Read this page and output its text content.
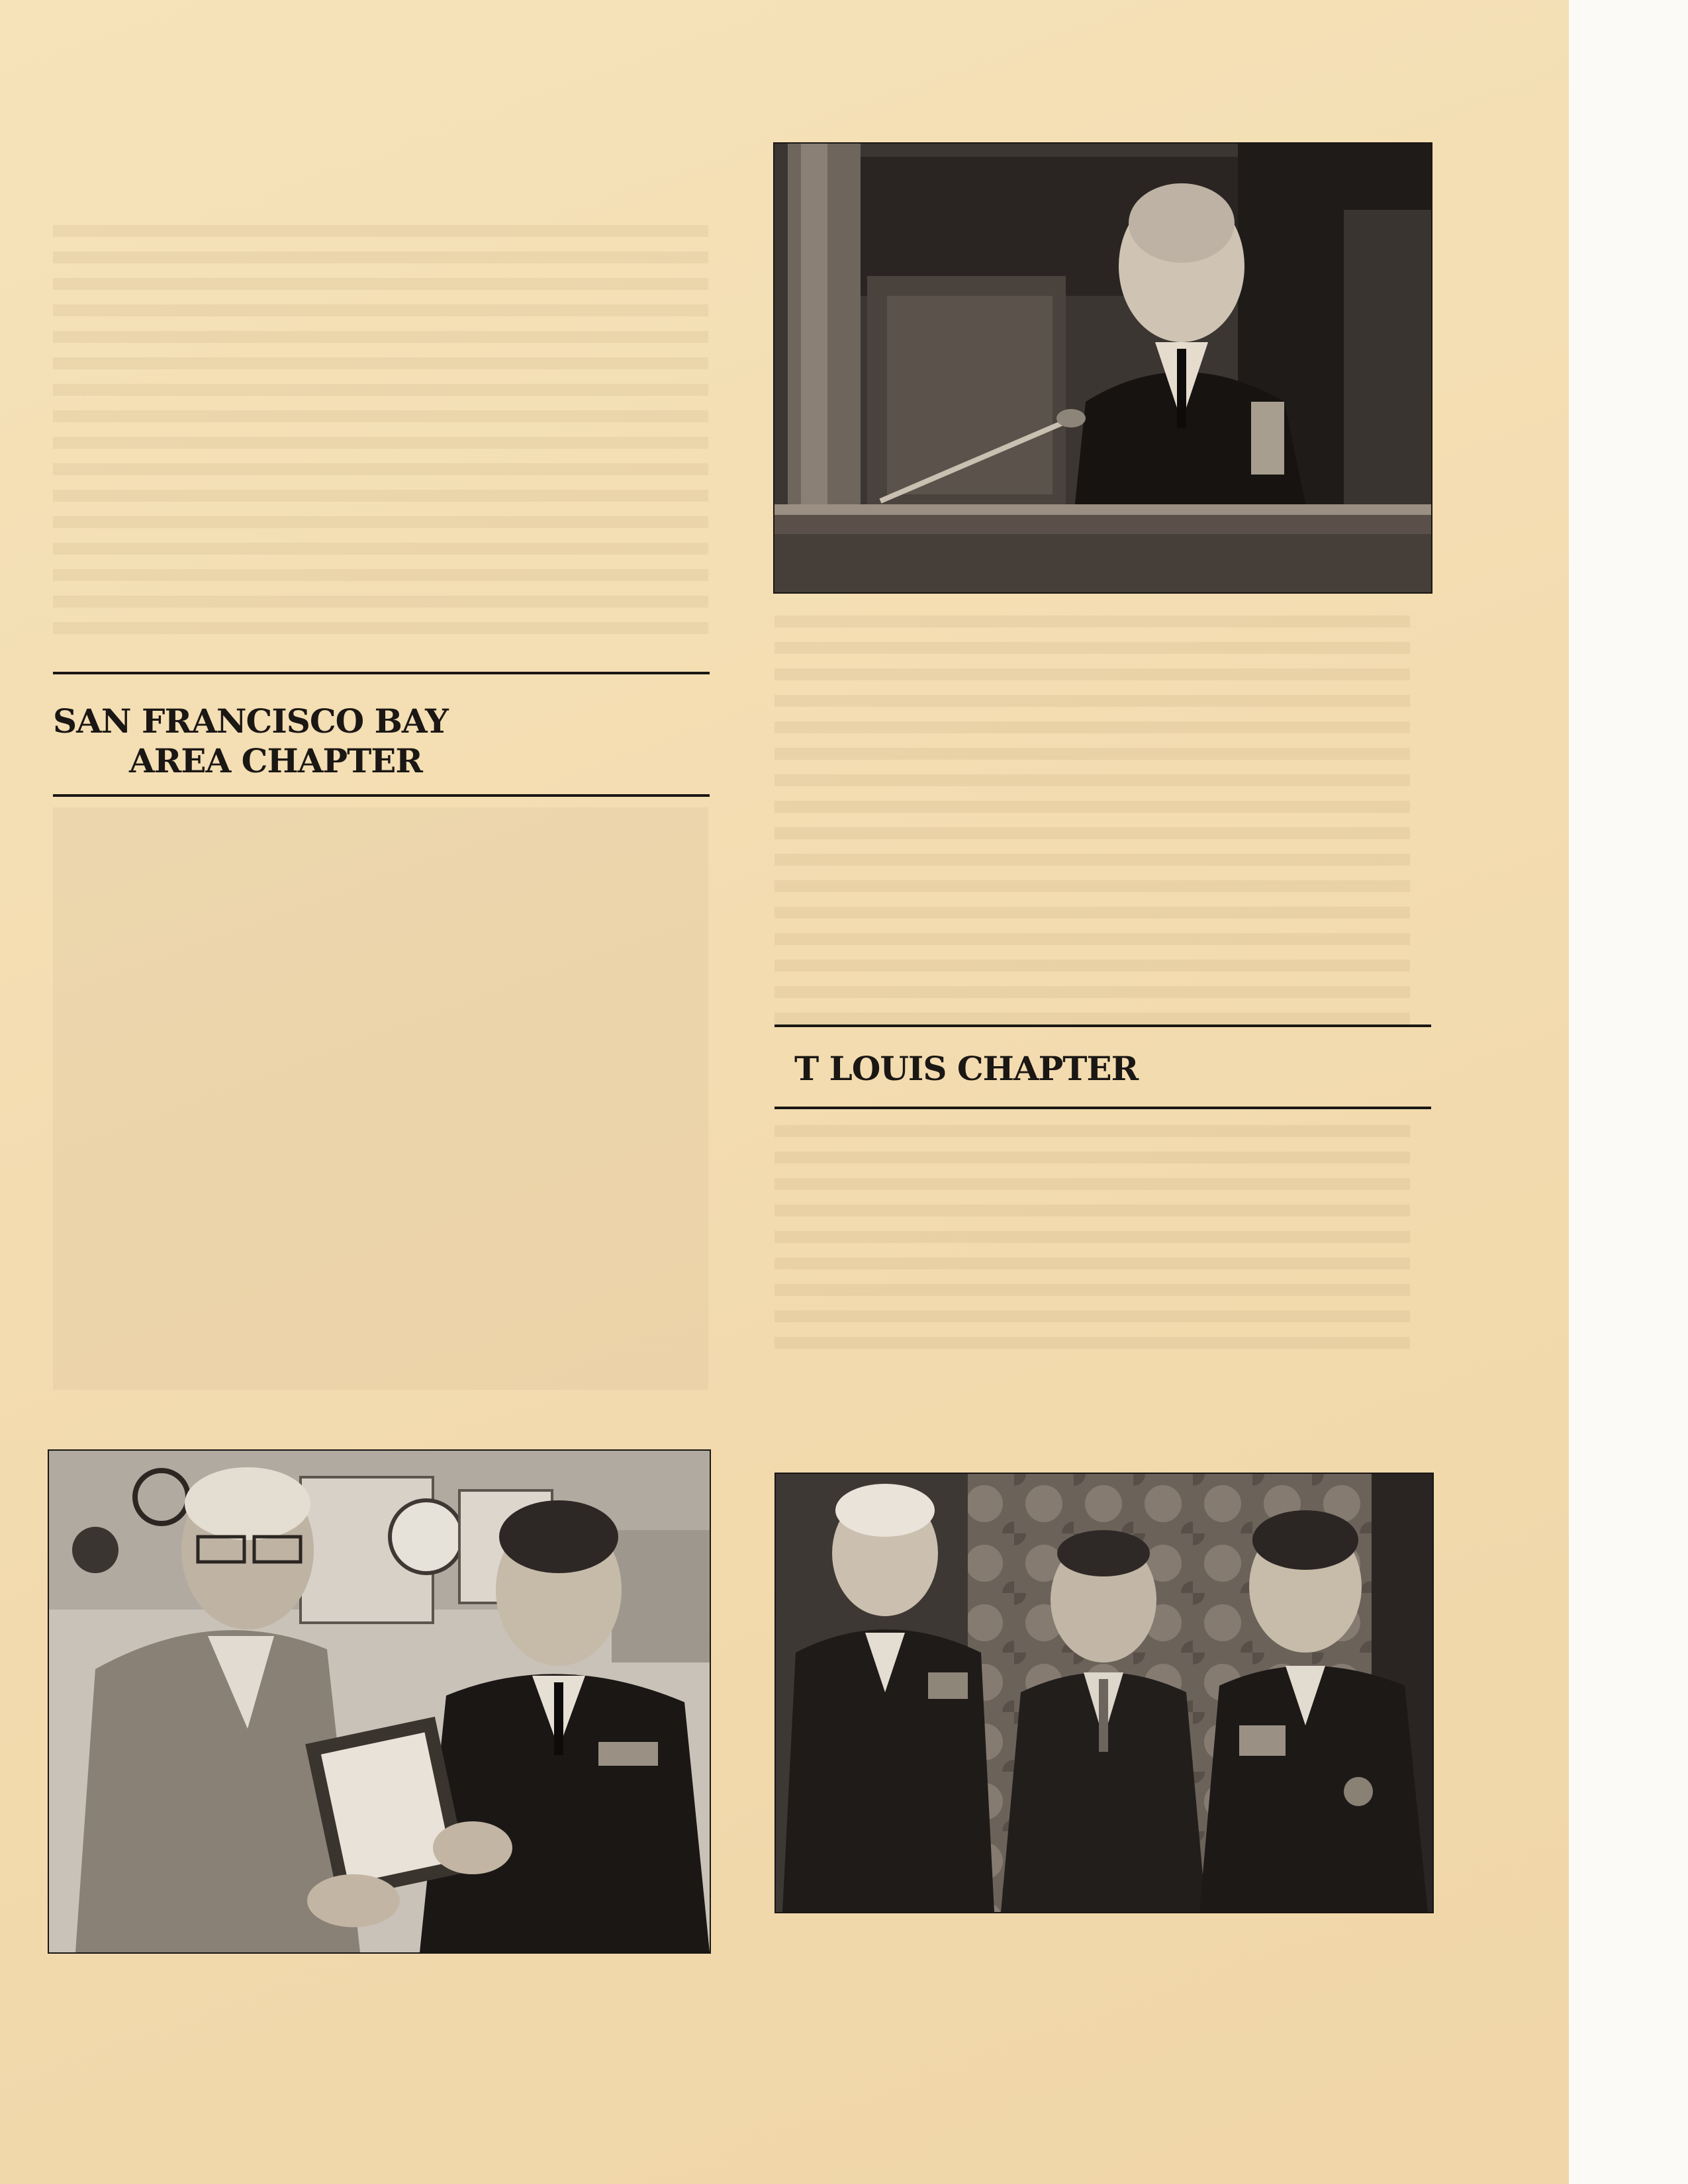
SAN FRANCISCO BAY
AREA CHAPTER
T LOUIS CHAPTER
